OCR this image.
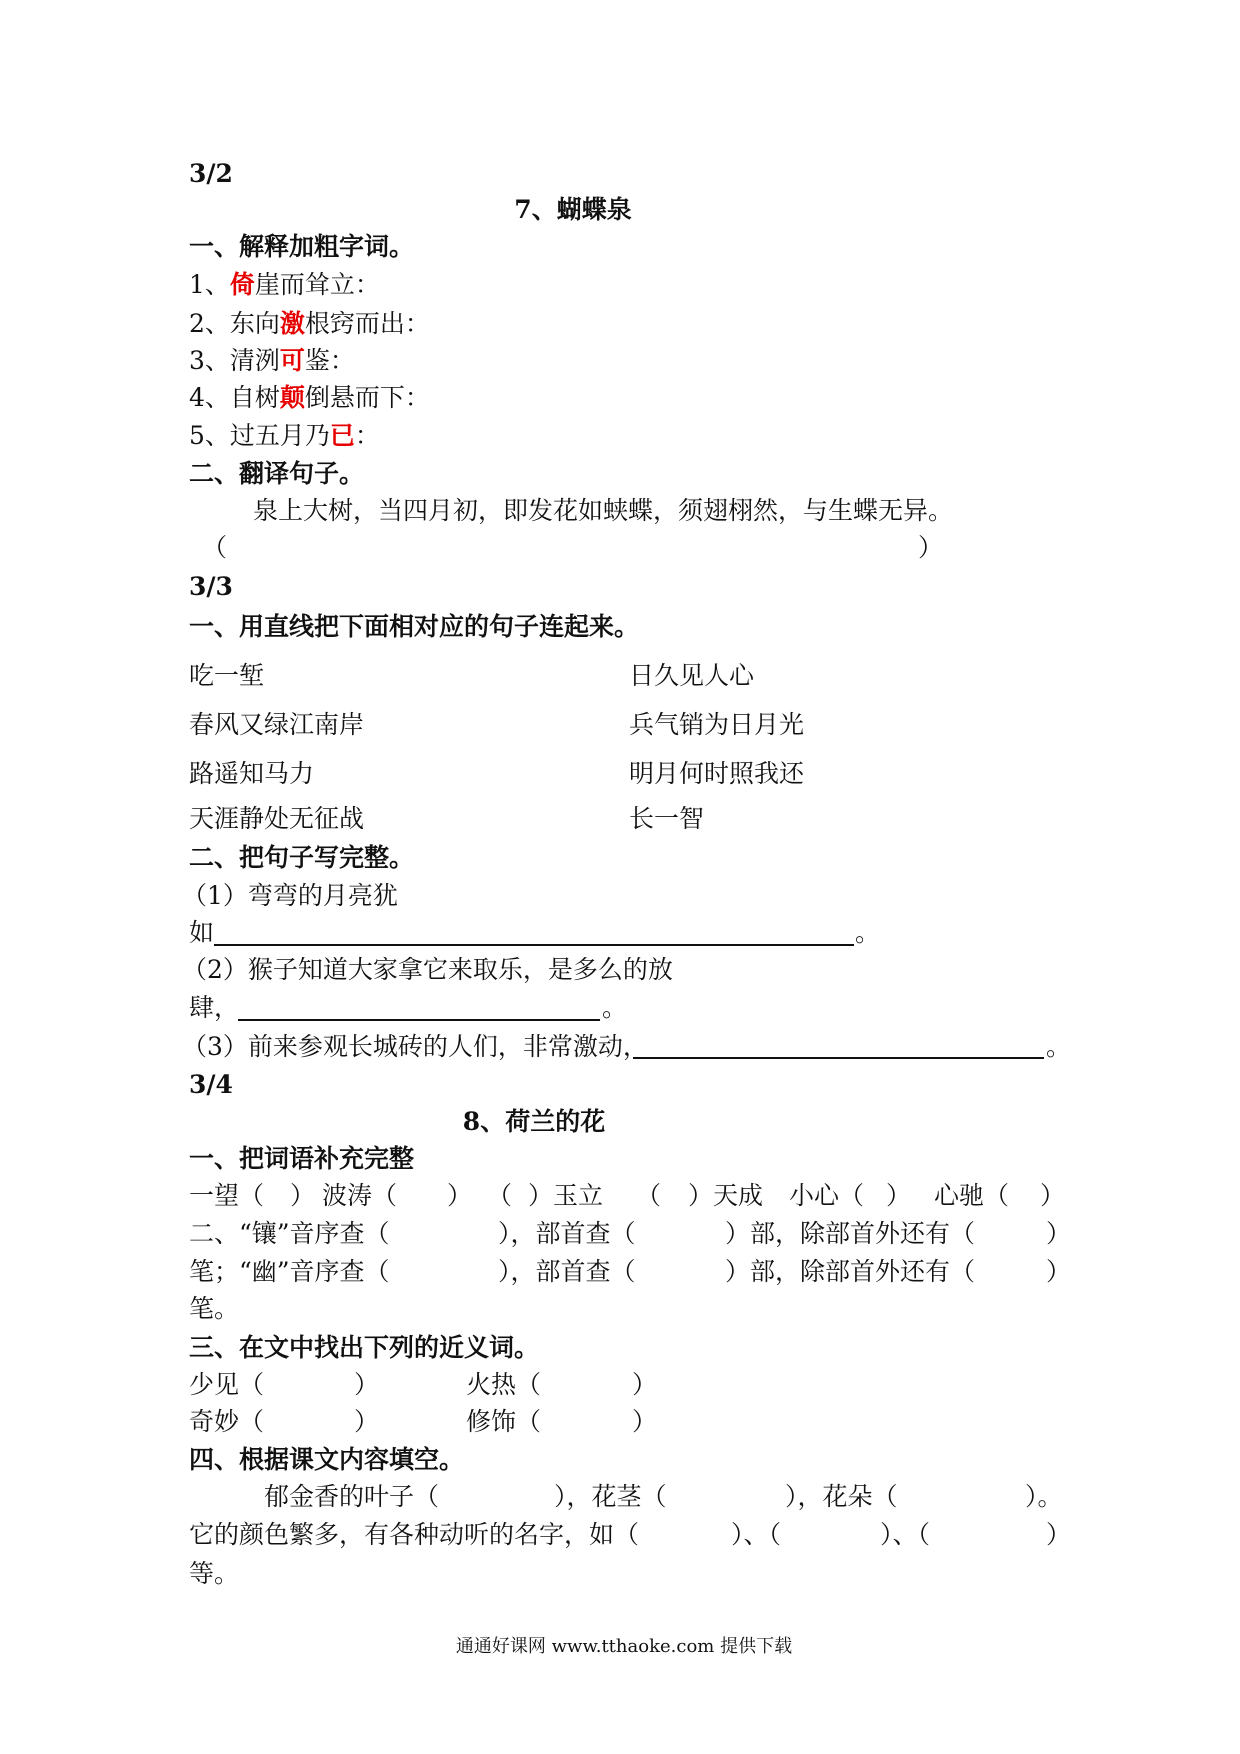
3/2
7、蝴蝶泉
一、解释加粗字词。
1、倚崖而耸立：
2、东向激根窍而出：
3、清洌可鉴：
4、自树颠倒悬而下：
5、过五月乃已：
二、翻译句子。
泉上大树，当四月初，即发花如蛱蝶，须翅栩然，与生蝶无异。
（	）
3/3
一、用直线把下面相对应的句子连起来。
吃一堑	日久见人心
春风又绿江南岸	兵气销为日月光
路遥知马力	明月何时照我还
天涯静处无征战	长一智
二、把句子写完整。
（1）弯弯的月亮犹
如	。
（2）猴子知道大家拿它来取乐，是多么的放
肆，	。
（3）前来参观长城砖的人们，非常激动，	。
3/4
8、荷兰的花
一、把词语补充完整
一望（ ） 波涛（ ） （ ）玉立 （ ）天成 小心（ ） 心驰（ ）
二、“镶”音序查（	），部首查（	）部，除部首外还有（	）
笔；“幽”音序查（	），部首查（	）部，除部首外还有（	）
笔。
三、在文中找出下列的近义词。
少见（	）	火热（	）
奇妙（	）	修饰（	）
四、根据课文内容填空。
郁金香的叶子（	），花茎（	），花朵（	）。
它的颜色繁多，有各种动听的名字，如（	）、（	）、（	）
等。
通通好课网 www.tthaoke.com 提供下载
